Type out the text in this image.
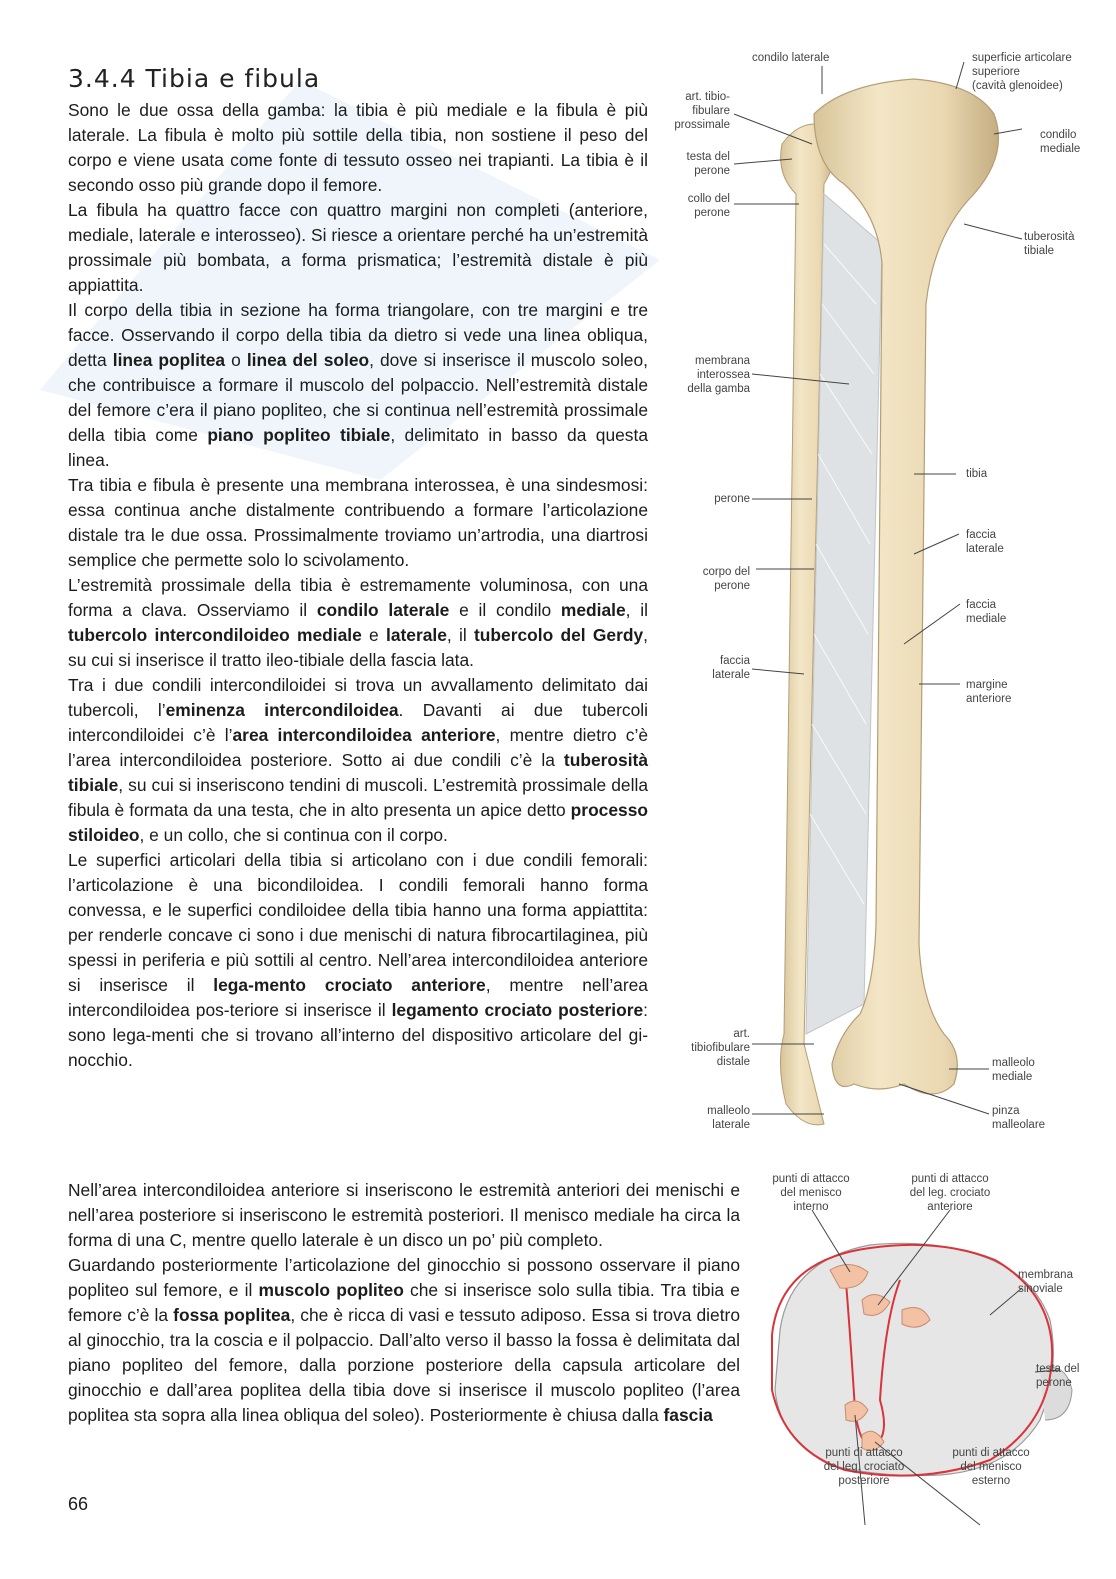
3.4.4 Tibia e fibula

Sono le due ossa della gamba: la tibia è più mediale e la fibula è più laterale. La fibula è molto più sottile della tibia, non sostiene il peso del corpo e viene usata come fonte di tessuto osseo nei trapianti. La tibia è il secondo osso più grande dopo il femore.

La fibula ha quattro facce con quattro margini non completi (anteriore, mediale, laterale e interosseo). Si riesce a orientare perché ha un’estremità prossimale più bombata, a forma prismatica; l’estremità distale è più appiattita.

Il corpo della tibia in sezione ha forma triangolare, con tre margini e tre facce. Osservando il corpo della tibia da dietro si vede una linea obliqua, detta linea poplitea o linea del soleo, dove si inserisce il muscolo soleo, che contribuisce a formare il muscolo del polpaccio. Nell’estremità distale del femore c’era il piano popliteo, che si continua nell’estremità prossimale della tibia come piano popliteo tibiale, delimitato in basso da questa linea.

Tra tibia e fibula è presente una membrana interossea, è una sindesmosi: essa continua anche distalmente contribuendo a formare l’articolazione distale tra le due ossa. Prossimalmente troviamo un’artrodia, una diartrosi semplice che permette solo lo scivolamento.

L’estremità prossimale della tibia è estremamente voluminosa, con una forma a clava. Osserviamo il condilo laterale e il condilo mediale, il tubercolo intercondiloideo mediale e laterale, il tubercolo del Gerdy, su cui si inserisce il tratto ileo-tibiale della fascia lata.

Tra i due condili intercondiloidei si trova un avvallamento delimitato dai tubercoli, l’eminenza intercondiloidea. Davanti ai due tubercoli intercondiloidei c’è l’area intercondiloidea anteriore, mentre dietro c’è l’area intercondiloidea posteriore. Sotto ai due condili c’è la tuberosità tibiale, su cui si inseriscono tendini di muscoli. L’estremità prossimale della fibula è formata da una testa, che in alto presenta un apice detto processo stiloideo, e un collo, che si continua con il corpo.

Le superfici articolari della tibia si articolano con i due condili femorali: l’articolazione è una bicondiloidea. I condili femorali hanno forma convessa, e le superfici condiloidee della tibia hanno una forma appiattita: per renderle concave ci sono i due menischi di natura fibrocartilaginea, più spessi in periferia e più sottili al centro. Nell’area intercondiloidea anteriore si inserisce il lega-mento crociato anteriore, mentre nell’area intercondiloidea pos-teriore si inserisce il legamento crociato posteriore: sono lega-menti che si trovano all’interno del dispositivo articolare del gi-nocchio.

Nell’area intercondiloidea anteriore si inseriscono le estremità anteriori dei menischi e nell’area posteriore si inseriscono le estremità posteriori. Il menisco mediale ha circa la forma di una C, mentre quello laterale è un disco un po’ più completo.

Guardando posteriormente l’articolazione del ginocchio si possono osservare il piano popliteo sul femore, e il muscolo popliteo che si inserisce solo sulla tibia. Tra tibia e femore c’è la fossa poplitea, che è ricca di vasi e tessuto adiposo. Essa si trova dietro al ginocchio, tra la coscia e il polpaccio. Dall’alto verso il basso la fossa è delimitata dal piano popliteo del femore, dalla porzione posteriore della capsula articolare del ginocchio e dall’area poplitea della tibia dove si inserisce il muscolo popliteo (l’area poplitea sta sopra alla linea obliqua del soleo). Posteriormente è chiusa dalla fascia

66
condilo laterale	superficie articolare
superiore
(cavità glenoidee)
art. tibio-
fibulare
prossimale
condilo
mediale
testa del
perone
collo del
perone
tuberosità
tibiale
membrana
interossea
della gamba
tibia
perone
faccia
laterale
corpo del
perone
faccia
mediale
faccia
laterale
margine
anteriore
art.
tibiofibulare
distale	malleolo
mediale
malleolo
laterale
pinza
malleolare
punti di attacco
del menisco
interno
punti di attacco
del leg. crociato
anteriore
membrana
sinoviale
testa del
perone
punti di attacco
del leg. crociato
posteriore
punti di attacco
del menisco
esterno
